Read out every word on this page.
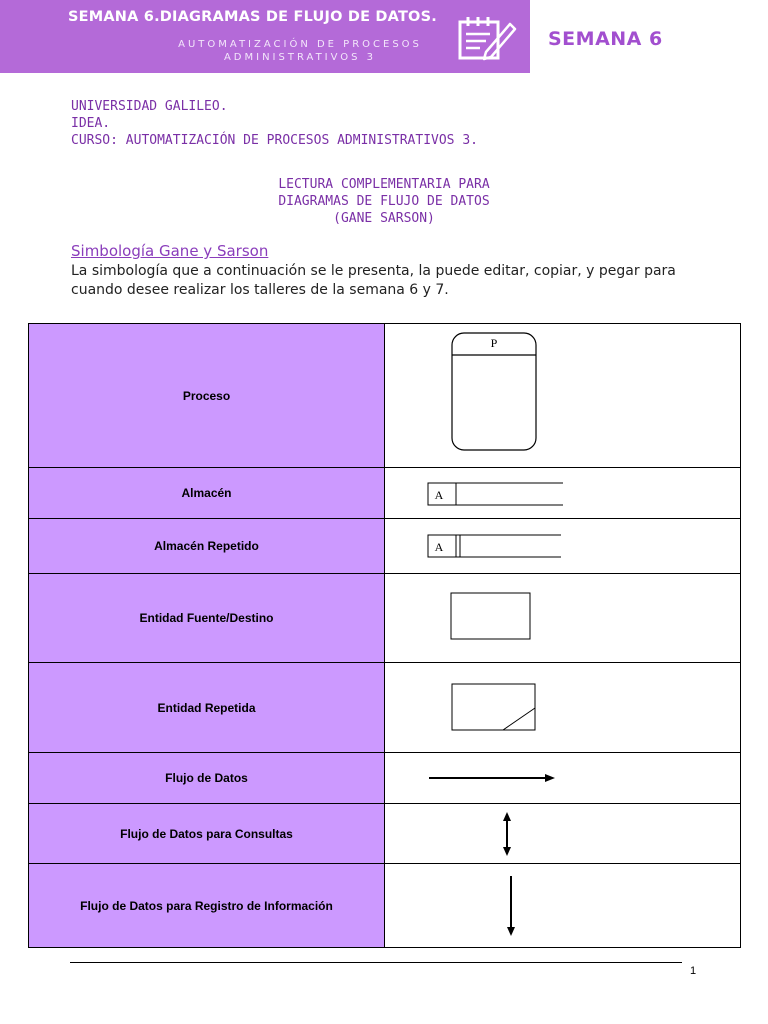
SEMANA 6.DIAGRAMAS DE FLUJO DE DATOS.
AUTOMATIZACIÓN DE PROCESOS
ADMINISTRATIVOS 3
SEMANA 6
UNIVERSIDAD GALILEO.
IDEA.
CURSO: AUTOMATIZACIÓN DE PROCESOS ADMINISTRATIVOS 3.
LECTURA COMPLEMENTARIA PARA
DIAGRAMAS DE FLUJO DE DATOS
(GANE SARSON)
Simbología Gane y Sarson
La simbología que a continuación se le presenta, la puede editar, copiar, y pegar para cuando desee realizar los talleres de la semana 6 y 7.
Proceso	P

Almacén	A

Almacén Repetido	A

Entidad Fuente/Destino	

Entidad Repetida	

Flujo de Datos	

Flujo de Datos para Consultas	

Flujo de Datos para Registro de Información	
1
